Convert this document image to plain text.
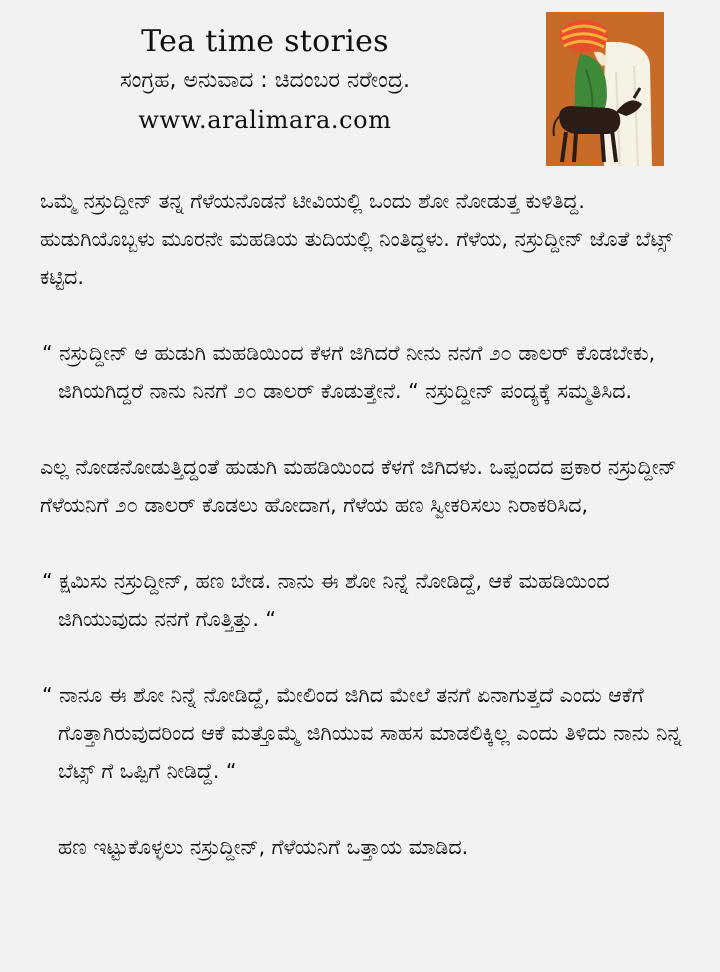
Tea time stories

ಸಂಗ್ರಹ, ಅನುವಾದ : ಚಿದಂಬರ ನರೇಂದ್ರ.

www.aralimara.com

ಒಮ್ಮೆ ನಸ್ರುದ್ದೀನ್ ತನ್ನ ಗೆಳೆಯನೊಡನೆ ಟೀವಿಯಲ್ಲಿ ಒಂದು ಶೋ ನೋಡುತ್ತ ಕುಳಿತಿದ್ದ. ಹುಡುಗಿಯೊಬ್ಬಳು ಮೂರನೇ ಮಹಡಿಯ ತುದಿಯಲ್ಲಿ ನಿಂತಿದ್ದಳು. ಗೆಳೆಯ, ನಸ್ರುದ್ದೀನ್ ಜೊತೆ ಬೆಟ್ಸ್ ಕಟ್ಟಿದ.

“ ನಸ್ರುದ್ದೀನ್ ಆ ಹುಡುಗಿ ಮಹಡಿಯಿಂದ ಕೆಳಗೆ ಜಿಗಿದರೆ ನೀನು ನನಗೆ ೨೦ ಡಾಲರ್ ಕೊಡಬೇಕು, ಜಿಗಿಯಗಿದ್ದರೆ ನಾನು ನಿನಗೆ ೨೦ ಡಾಲರ್ ಕೊಡುತ್ತೇನೆ. “ ನಸ್ರುದ್ದೀನ್ ಪಂದ್ಯಕ್ಕೆ ಸಮ್ಮತಿಸಿದ.

ಎಲ್ಲ ನೋಡನೋಡುತ್ತಿದ್ದಂತೆ ಹುಡುಗಿ ಮಹಡಿಯಿಂದ ಕೆಳಗೆ ಜಿಗಿದಳು. ಒಪ್ಪಂದದ ಪ್ರಕಾರ ನಸ್ರುದ್ದೀನ್ ಗೆಳೆಯನಿಗೆ ೨೦ ಡಾಲರ್ ಕೊಡಲು ಹೋದಾಗ, ಗೆಳೆಯ ಹಣ ಸ್ವೀಕರಿಸಲು ನಿರಾಕರಿಸಿದ,

“ ಕ್ಷಮಿಸು ನಸ್ರುದ್ದೀನ್, ಹಣ ಬೇಡ. ನಾನು ಈ ಶೋ ನಿನ್ನೆ ನೋಡಿದ್ದೆ, ಆಕೆ ಮಹಡಿಯಿಂದ ಜಿಗಿಯುವುದು ನನಗೆ ಗೊತ್ತಿತ್ತು. “

“ ನಾನೂ ಈ ಶೋ ನಿನ್ನೆ ನೋಡಿದ್ದೆ, ಮೇಲಿಂದ ಜಿಗಿದ ಮೇಲೆ ತನಗೆ ಏನಾಗುತ್ತದೆ ಎಂದು ಆಕೆಗೆ ಗೊತ್ತಾಗಿರುವುದರಿಂದ ಆಕೆ ಮತ್ತೊಮ್ಮೆ ಜಿಗಿಯುವ ಸಾಹಸ ಮಾಡಲಿಕ್ಕಿಲ್ಲ ಎಂದು ತಿಳಿದು ನಾನು ನಿನ್ನ ಬೆಟ್ಸ್ ಗೆ ಒಪ್ಪಿಗೆ ನೀಡಿದ್ದೆ. “

ಹಣ ಇಟ್ಟುಕೊಳ್ಳಲು ನಸ್ರುದ್ದೀನ್, ಗೆಳೆಯನಿಗೆ ಒತ್ತಾಯ ಮಾಡಿದ.
